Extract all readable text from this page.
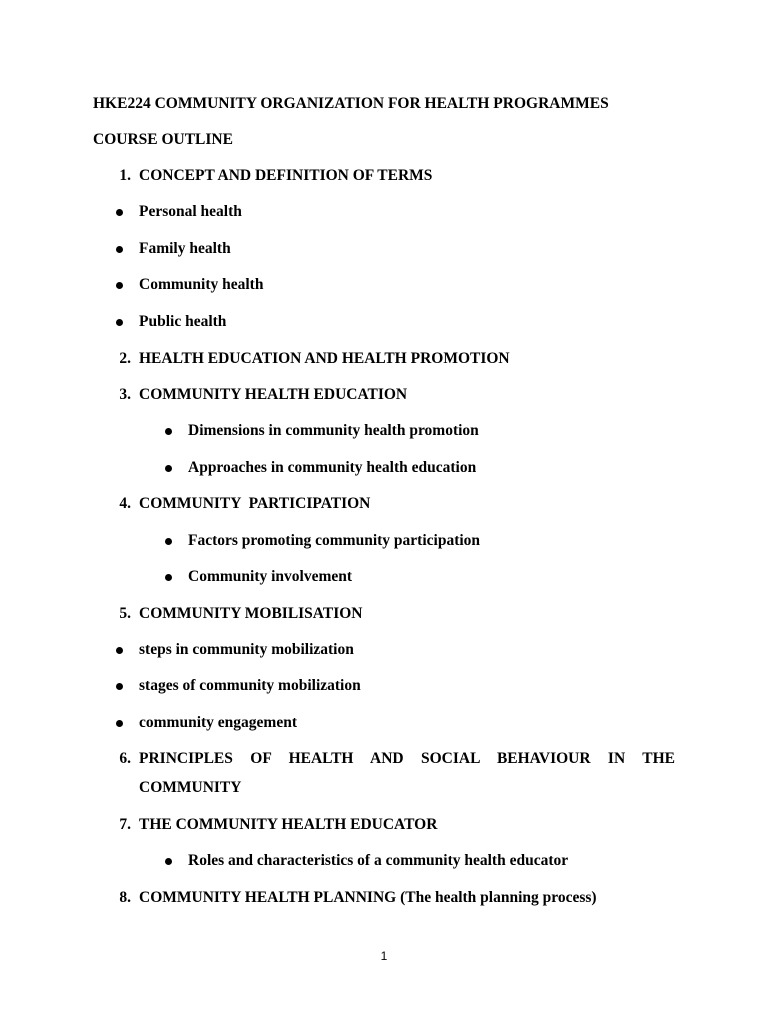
HKE224 COMMUNITY ORGANIZATION FOR HEALTH PROGRAMMES
COURSE OUTLINE
1. CONCEPT AND DEFINITION OF TERMS
Personal health
Family health
Community health
Public health
2. HEALTH EDUCATION AND HEALTH PROMOTION
3. COMMUNITY HEALTH EDUCATION
Dimensions in community health promotion
Approaches in community health education
4. COMMUNITY  PARTICIPATION
Factors promoting community participation
Community involvement
5. COMMUNITY MOBILISATION
steps in community mobilization
stages of community mobilization
community engagement
6. PRINCIPLES OF HEALTH AND SOCIAL BEHAVIOUR IN THE
COMMUNITY
7. THE COMMUNITY HEALTH EDUCATOR
Roles and characteristics of a community health educator
8. COMMUNITY HEALTH PLANNING (The health planning process)
1
